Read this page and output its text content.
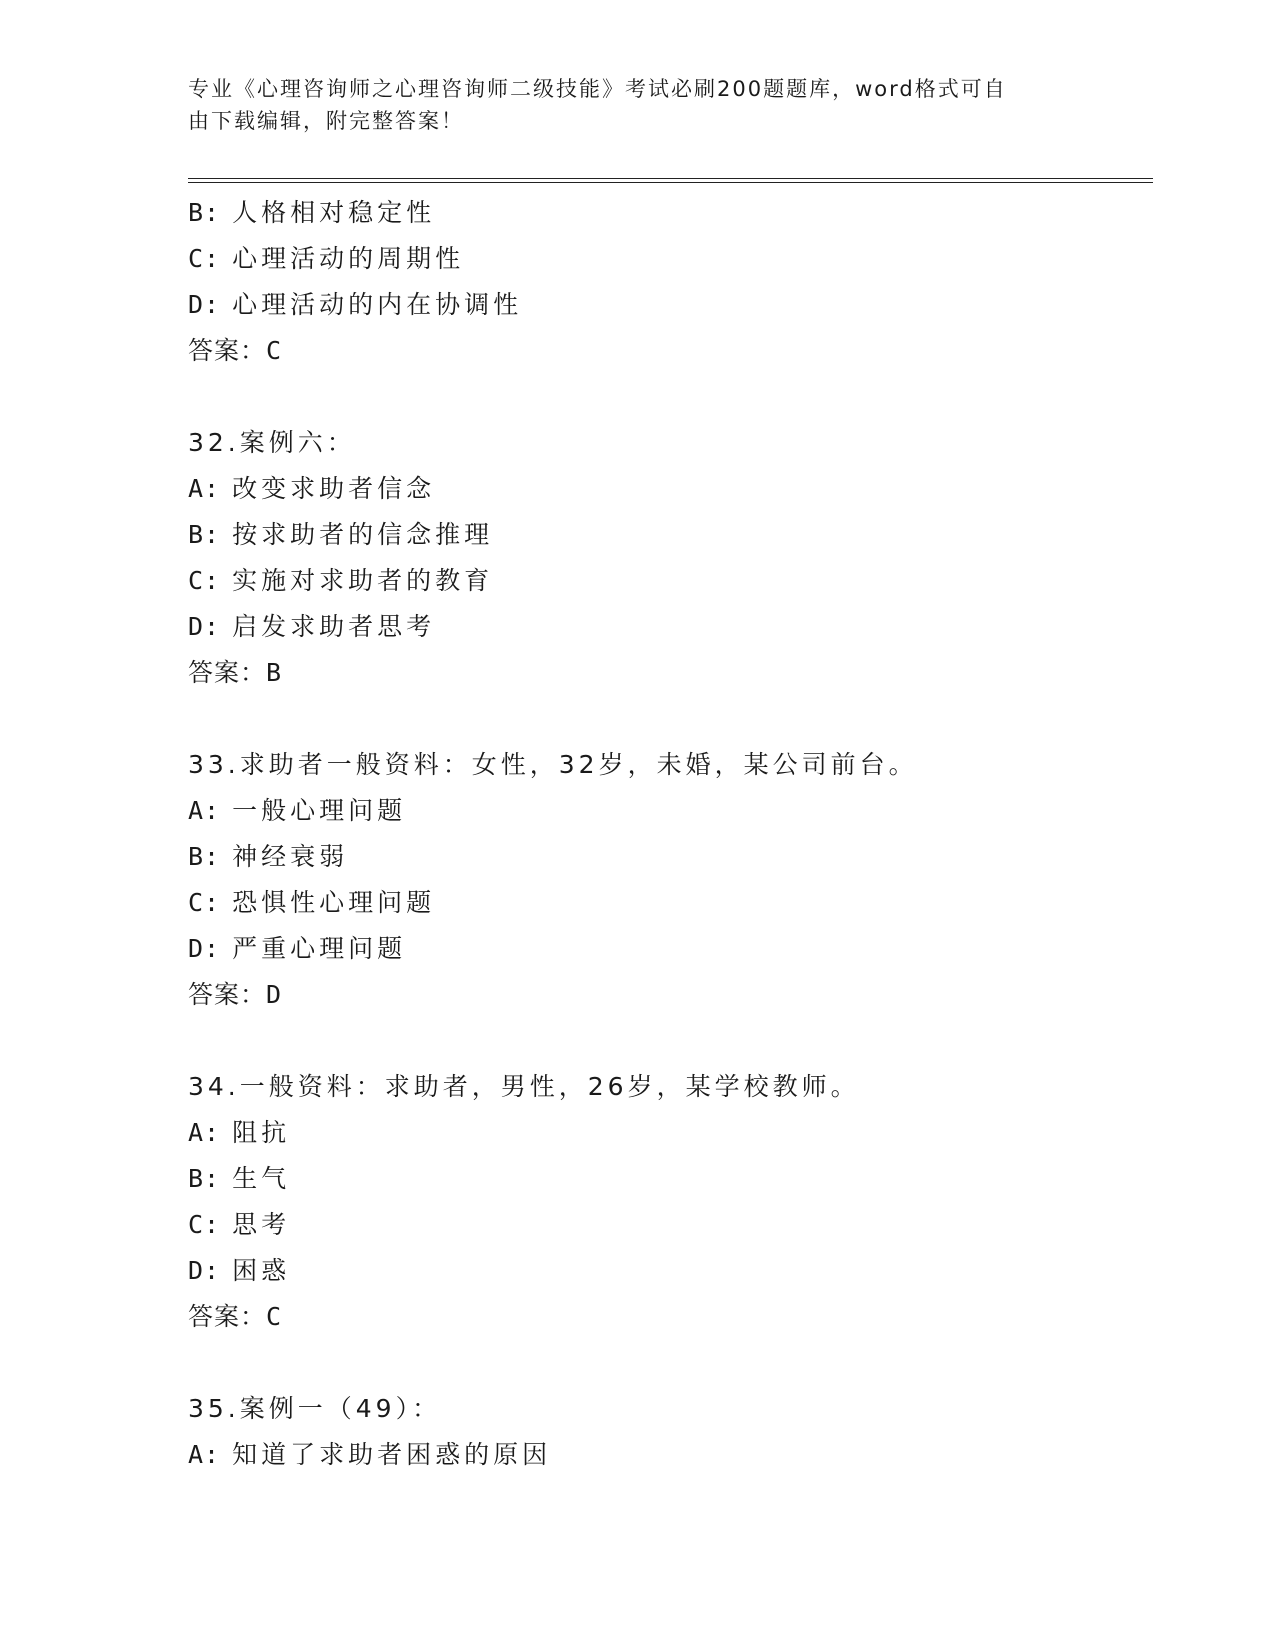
专业《心理咨询师之心理咨询师二级技能》考试必刷200题题库，word格式可自
由下载编辑，附完整答案！
B: 人格相对稳定性
C: 心理活动的周期性
D: 心理活动的内在协调性
答案：C
32.案例六：
A: 改变求助者信念
B: 按求助者的信念推理
C: 实施对求助者的教育
D: 启发求助者思考
答案：B
33.求助者一般资料：女性，32岁，未婚，某公司前台。
A: 一般心理问题
B: 神经衰弱
C: 恐惧性心理问题
D: 严重心理问题
答案：D
34.一般资料：求助者，男性，26岁，某学校教师。
A: 阻抗
B: 生气
C: 思考
D: 困惑
答案：C
35.案例一（49）：
A: 知道了求助者困惑的原因
